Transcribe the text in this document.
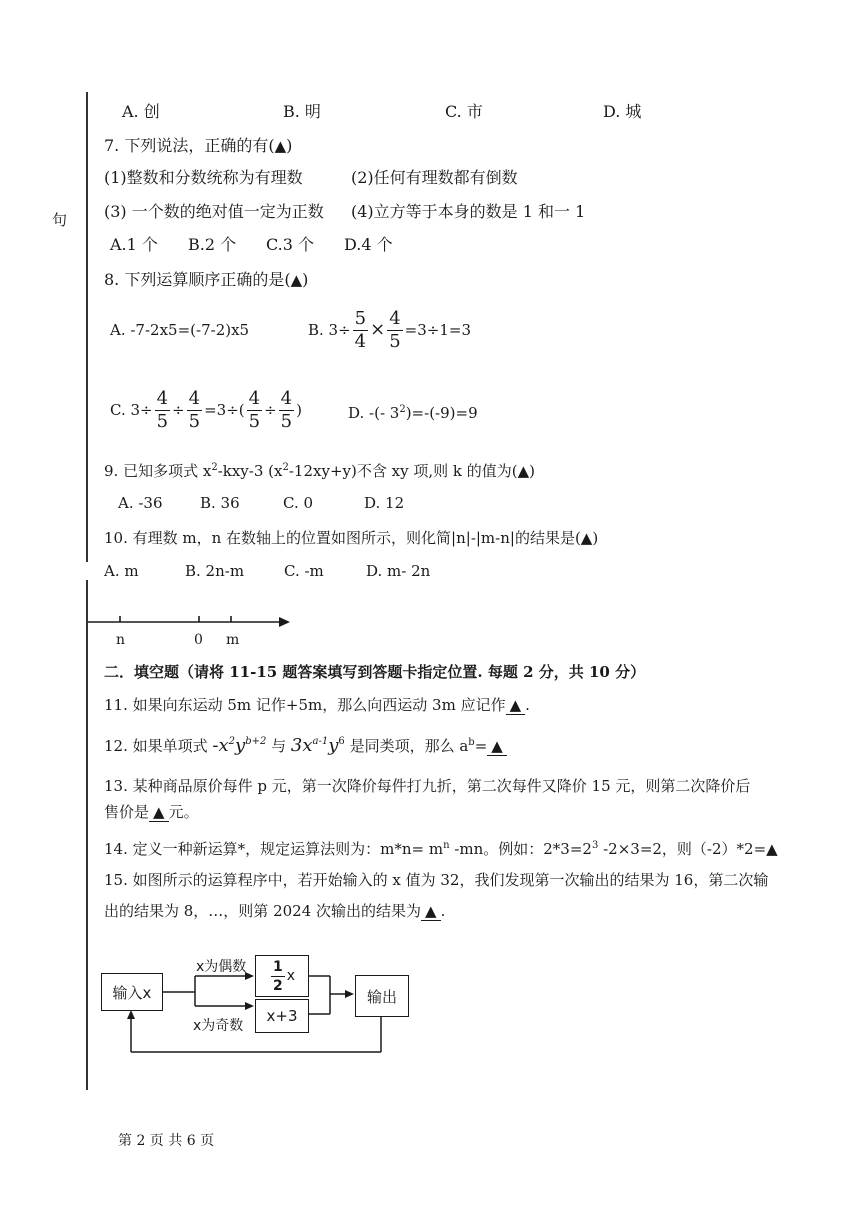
句
A. 创	B. 明	C. 市	D. 城
7. 下列说法，正确的有(▲)
(1)整数和分数统称为有理数	(2)任何有理数都有倒数
(3) 一个数的绝对值一定为正数 (4)立方等于本身的数是 1 和一 1
A.1 个 B.2 个 C.3 个 D.4 个
8. 下列运算顺序正确的是(▲)
A. -7-2x5=(-7-2)x5	B. $3\div \frac{5}{4} \times \frac{4}{5} =3\div 1=3$
C. $3\div \frac{4}{5} \div \frac{4}{5} =3\div( \frac{4}{5} \div \frac{4}{5}$ )	D. -(- $3^2)=-(-9)=9$
9. 已知多项式 $x^2-kxy-3$ $(x^2-12xy+y)$不含 xy 项,则 k 的值为(▲)
A. -36 B. 36	C. 0	D. 12
10. 有理数 m，n 在数轴上的位置如图所示，则化简|n|-|m-n|的结果是(▲)
A. m	B. 2n-m	C. -m	D. m- 2n
n	0 m
二．填空题（请将 11-15 题答案填写到答题卡指定位置. 每题 2 分，共 10 分）
11. 如果向东运动 5m 记作+5m，那么向西运动 3m 应记作 ▲ .
12. 如果单项式 $-x^2y^{b+2}$ 与 $3x^{a-1}y^6$ 是同类项，那么 $a^b=$ ▲
13. 某种商品原价每件 p 元，第一次降价每件打九折，第二次每件又降价 15 元，则第二次降价后
售价是 ▲ 元。
14. 定义一种新运算*，规定运算法则为：$m*n= m^n$ -mn。例如：$2*3=2^3$ -2×3=2，则（-2）*2=▲
15. 如图所示的运算程序中，若开始输入的 x 值为 32，我们发现第一次输出的结果为 16，第二次输
出的结果为 8，…，则第 2024 次输出的结果为 ▲ .
输入x
x为偶数
x为奇数
$\frac{1}{2}$ x
x+3
输出
第 2 页 共 6 页
